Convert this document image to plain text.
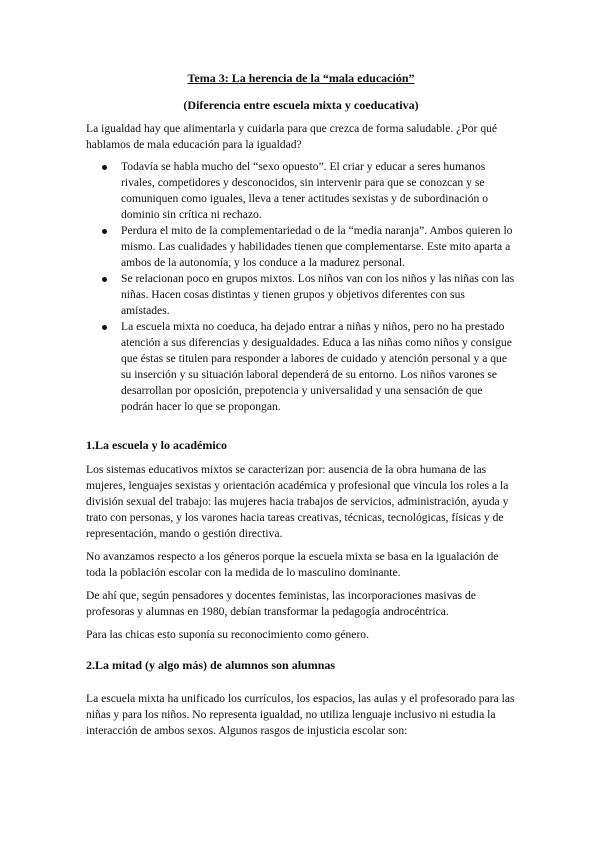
Tema 3: La herencia de la “mala educación”

(Diferencia entre escuela mixta y coeducativa)

La igualdad hay que alimentarla y cuidarla para que crezca de forma saludable. ¿Por qué hablamos de mala educación para la igualdad?

Todavía se habla mucho del “sexo opuesto”. El criar y educar a seres humanos rivales, competidores y desconocidos, sin intervenir para que se conozcan y se comuniquen como iguales, lleva a tener actitudes sexistas y de subordinación o dominio sin crítica ni rechazo.
Perdura el mito de la complementariedad o de la “media naranja”. Ambos quieren lo mismo. Las cualidades y habilidades tienen que complementarse. Este mito aparta a ambos de la autonomía, y los conduce a la madurez personal.
Se relacionan poco en grupos mixtos. Los niños van con los niños y las niñas con las niñas. Hacen cosas distintas y tienen grupos y objetivos diferentes con sus amistades.
La escuela mixta no coeduca, ha dejado entrar a niñas y niños, pero no ha prestado atención a sus diferencias y desigualdades. Educa a las niñas como niños y consigue que éstas se titulen para responder a labores de cuidado y atención personal y a que su inserción y su situación laboral dependerá de su entorno. Los niños varones se desarrollan por oposición, prepotencia y universalidad y una sensación de que podrán hacer lo que se propongan.
1.La escuela y lo académico

Los sistemas educativos mixtos se caracterizan por: ausencia de la obra humana de las mujeres, lenguajes sexistas y orientación académica y profesional que vincula los roles a la división sexual del trabajo: las mujeres hacia trabajos de servicios, administración, ayuda y trato con personas, y los varones hacia tareas creativas, técnicas, tecnológicas, físicas y de representación, mando o gestión directiva.

No avanzamos respecto a los géneros porque la escuela mixta se basa en la igualación de toda la población escolar con la medida de lo masculino dominante.

De ahí que, según pensadores y docentes feministas, las incorporaciones masivas de profesoras y alumnas en 1980, debían transformar la pedagogía androcéntrica.

Para las chicas esto suponía su reconocimiento como género.

2.La mitad (y algo más) de alumnos son alumnas

La escuela mixta ha unificado los currículos, los espacios, las aulas y el profesorado para las niñas y para los niños. No representa igualdad, no utiliza lenguaje inclusivo ni estudia la interacción de ambos sexos. Algunos rasgos de injusticia escolar son:
